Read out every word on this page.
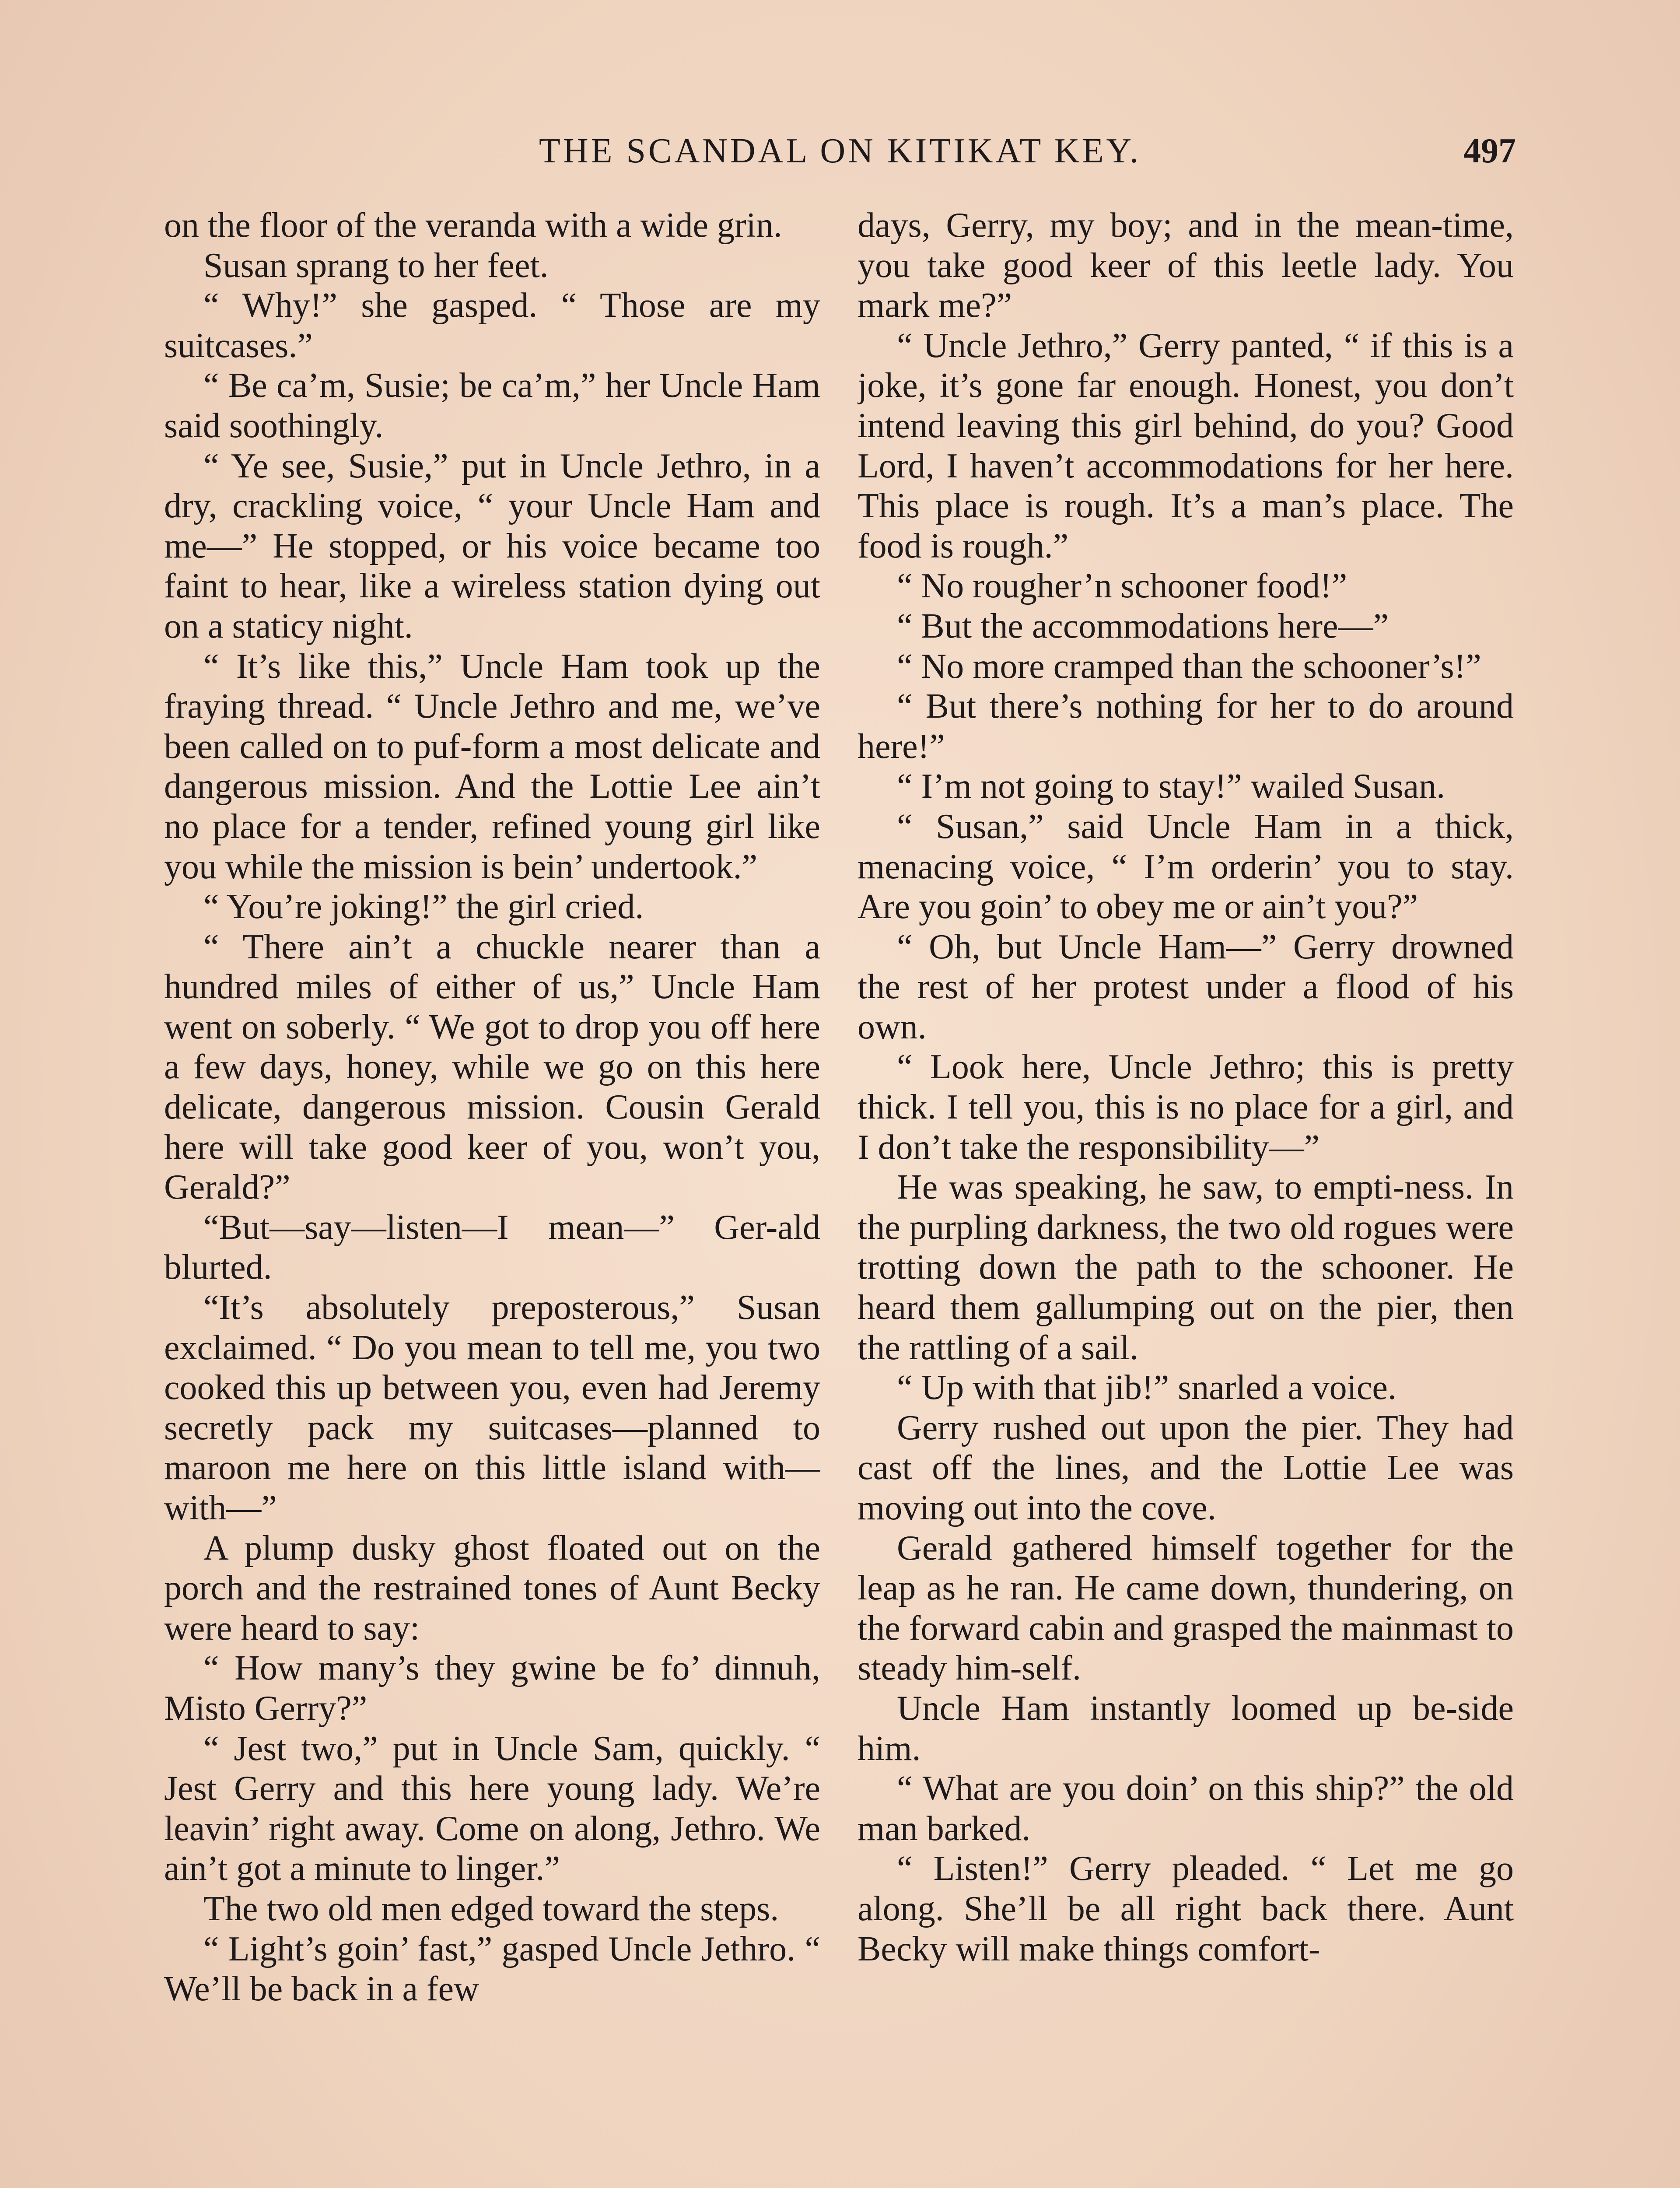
THE SCANDAL ON KITIKAT KEY.	497

on the floor of the veranda with a wide grin.

Susan sprang to her feet.

“ Why!” she gasped. “ Those are my suitcases.”

“ Be ca’m, Susie; be ca’m,” her Uncle Ham said soothingly.

“ Ye see, Susie,” put in Uncle Jethro, in a dry, crackling voice, “ your Uncle Ham and me—” He stopped, or his voice became too faint to hear, like a wireless station dying out on a staticy night.

“ It’s like this,” Uncle Ham took up the fraying thread. “ Uncle Jethro and me, we’ve been called on to puf-form a most delicate and dangerous mission. And the Lottie Lee ain’t no place for a tender, refined young girl like you while the mission is bein’ undertook.”

“ You’re joking!” the girl cried.

“ There ain’t a chuckle nearer than a hundred miles of either of us,” Uncle Ham went on soberly. “ We got to drop you off here a few days, honey, while we go on this here delicate, dangerous mission. Cousin Gerald here will take good keer of you, won’t you, Gerald?”

“But—say—listen—I mean—” Ger-ald blurted.

“It’s absolutely preposterous,” Susan exclaimed. “ Do you mean to tell me, you two cooked this up between you, even had Jeremy secretly pack my suitcases—planned to maroon me here on this little island with—with—”

A plump dusky ghost floated out on the porch and the restrained tones of Aunt Becky were heard to say:

“ How many’s they gwine be fo’ dinnuh, Misto Gerry?”

“ Jest two,” put in Uncle Sam, quickly. “ Jest Gerry and this here young lady. We’re leavin’ right away. Come on along, Jethro. We ain’t got a minute to linger.”

The two old men edged toward the steps.

“ Light’s goin’ fast,” gasped Uncle Jethro. “ We’ll be back in a few

days, Gerry, my boy; and in the mean-time, you take good keer of this leetle lady. You mark me?”

“ Uncle Jethro,” Gerry panted, “ if this is a joke, it’s gone far enough. Honest, you don’t intend leaving this girl behind, do you? Good Lord, I haven’t accommodations for her here. This place is rough. It’s a man’s place. The food is rough.”

“ No rougher’n schooner food!”

“ But the accommodations here—”

“ No more cramped than the schooner’s!”

“ But there’s nothing for her to do around here!”

“ I’m not going to stay!” wailed Susan.

“ Susan,” said Uncle Ham in a thick, menacing voice, “ I’m orderin’ you to stay. Are you goin’ to obey me or ain’t you?”

“ Oh, but Uncle Ham—” Gerry drowned the rest of her protest under a flood of his own.

“ Look here, Uncle Jethro; this is pretty thick. I tell you, this is no place for a girl, and I don’t take the responsibility—”

He was speaking, he saw, to empti-ness. In the purpling darkness, the two old rogues were trotting down the path to the schooner. He heard them gallumping out on the pier, then the rattling of a sail.

“ Up with that jib!” snarled a voice.

Gerry rushed out upon the pier. They had cast off the lines, and the Lottie Lee was moving out into the cove.

Gerald gathered himself together for the leap as he ran. He came down, thundering, on the forward cabin and grasped the mainmast to steady him-self.

Uncle Ham instantly loomed up be-side him.

“ What are you doin’ on this ship?” the old man barked.

“ Listen!” Gerry pleaded. “ Let me go along. She’ll be all right back there. Aunt Becky will make things comfort-
